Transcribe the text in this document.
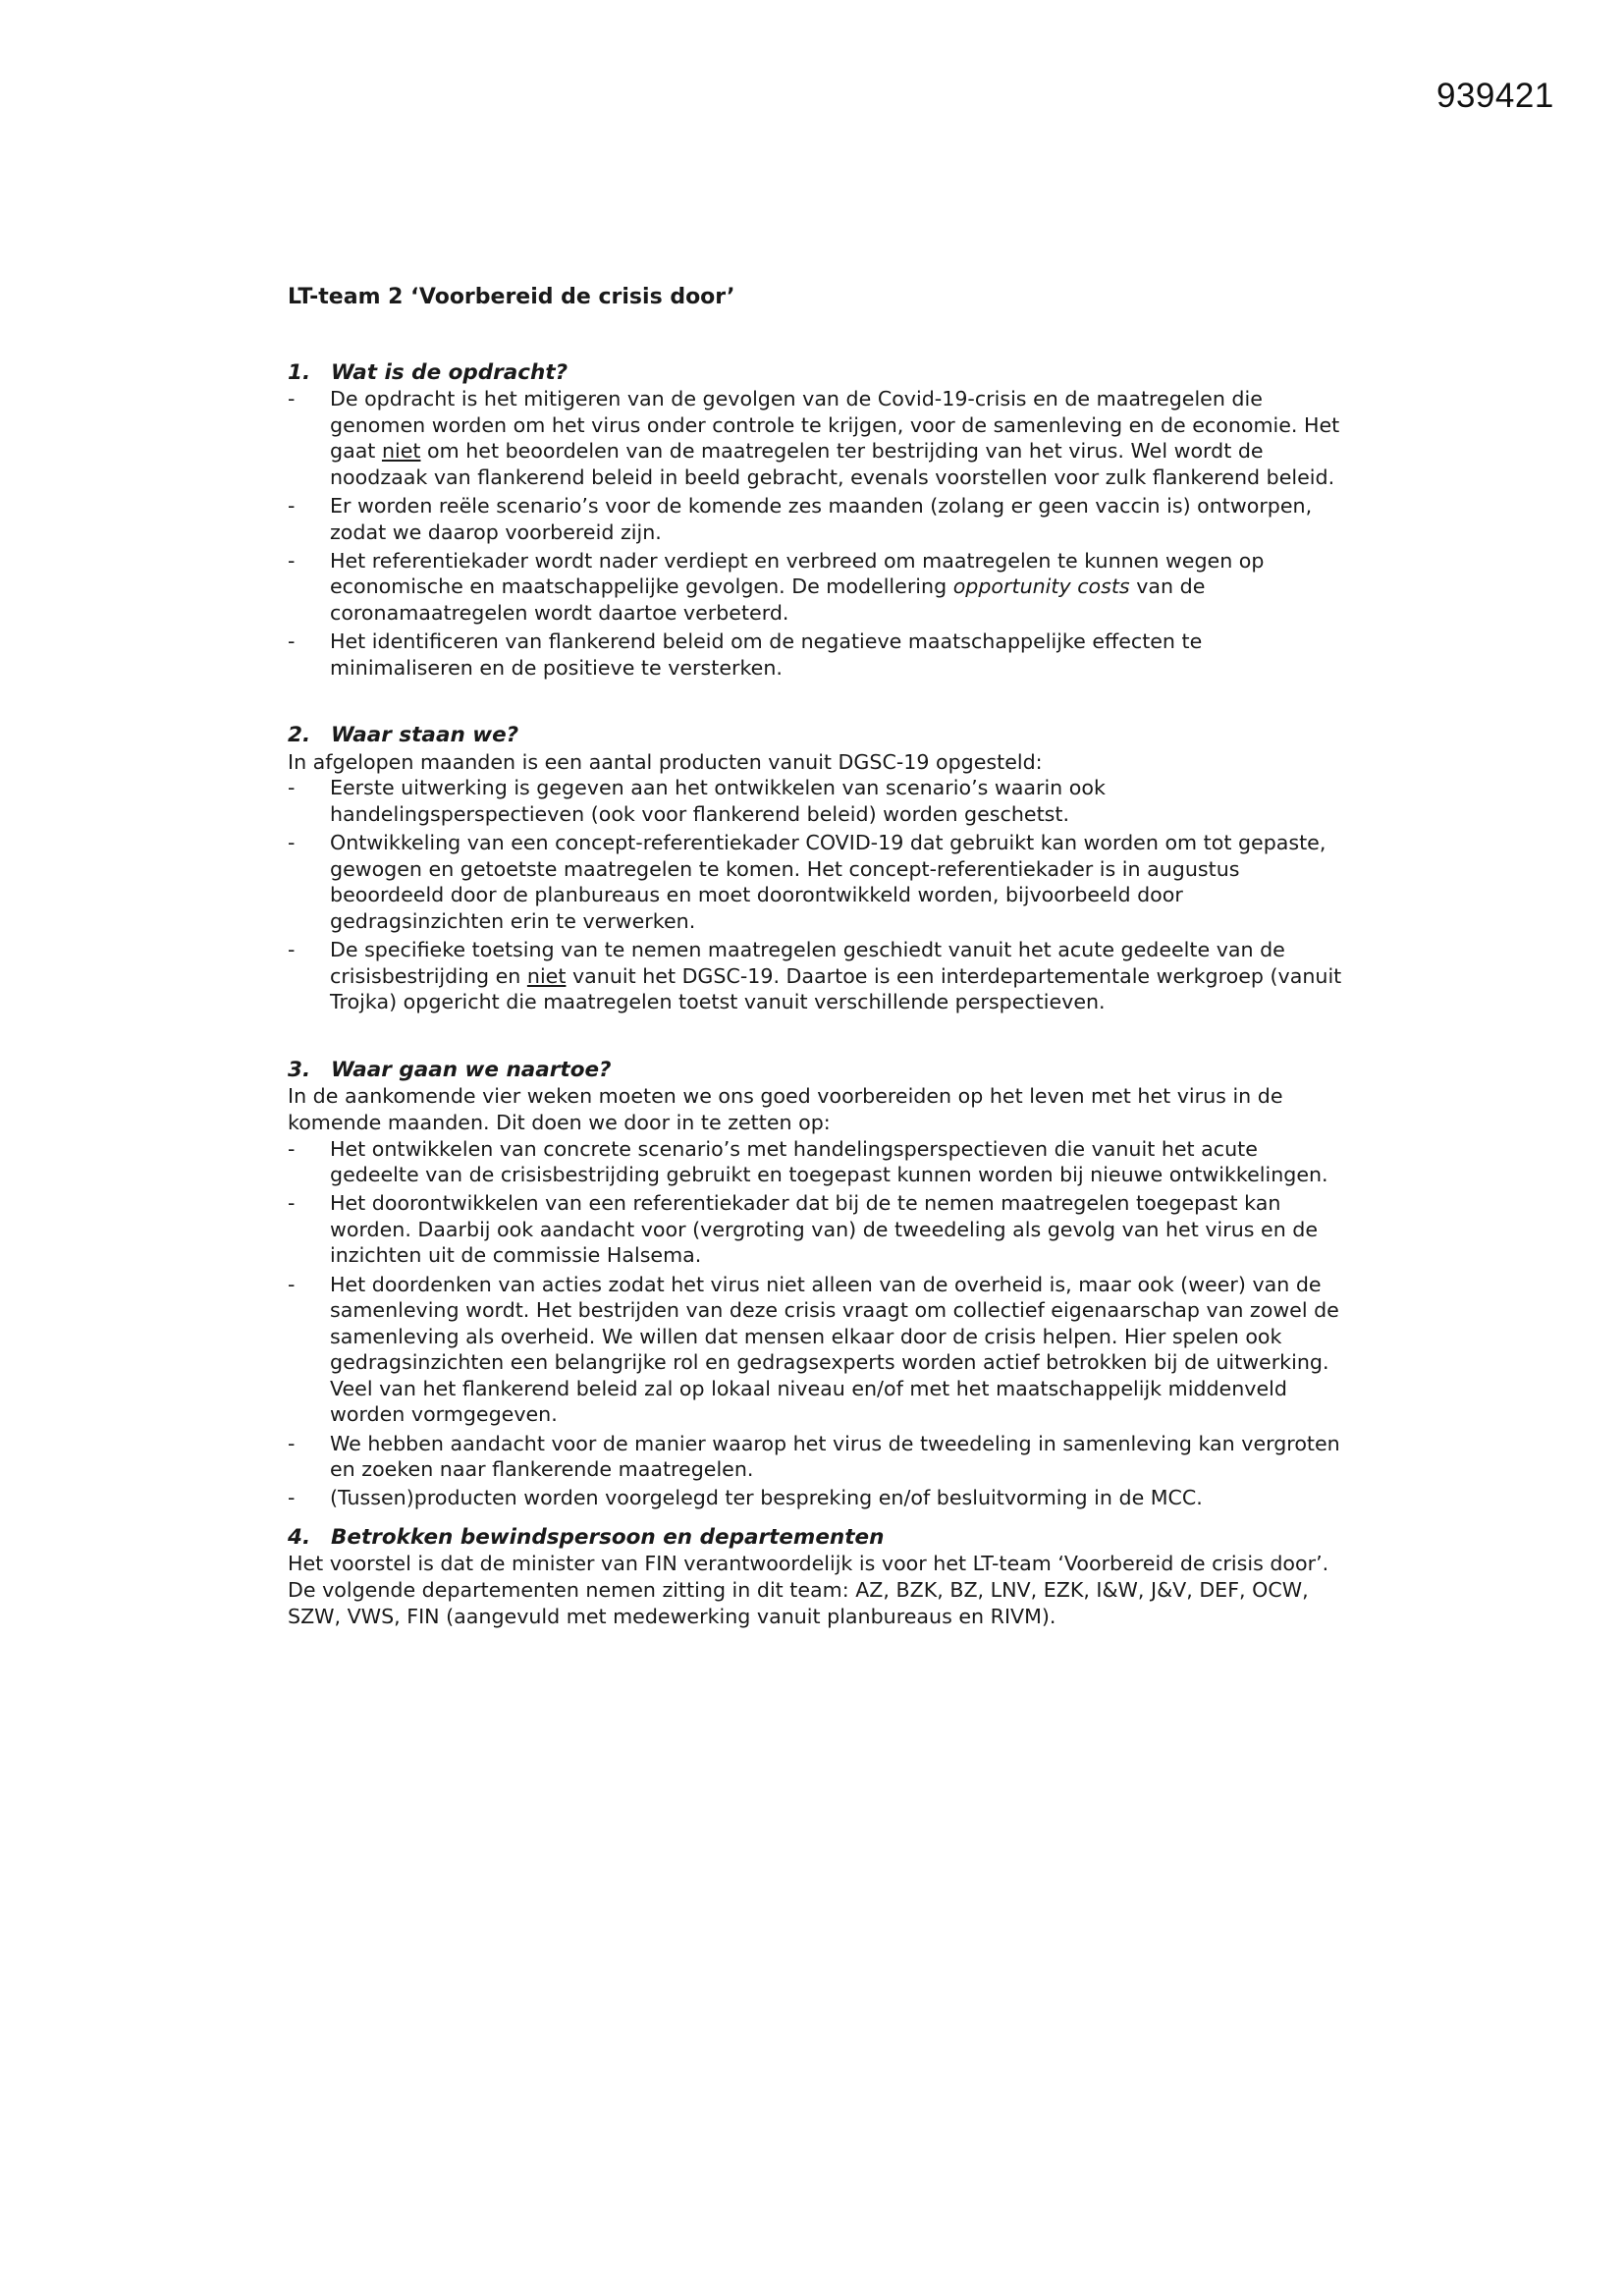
939421
LT-team 2 ‘Voorbereid de crisis door’
1. Wat is de opdracht?
- De opdracht is het mitigeren van de gevolgen van de Covid-19-crisis en de maatregelen die genomen worden om het virus onder controle te krijgen, voor de samenleving en de economie. Het gaat niet om het beoordelen van de maatregelen ter bestrijding van het virus. Wel wordt de noodzaak van flankerend beleid in beeld gebracht, evenals voorstellen voor zulk flankerend beleid.
- Er worden reële scenario’s voor de komende zes maanden (zolang er geen vaccin is) ontworpen, zodat we daarop voorbereid zijn.
- Het referentiekader wordt nader verdiept en verbreed om maatregelen te kunnen wegen op economische en maatschappelijke gevolgen. De modellering opportunity costs van de coronamaatregelen wordt daartoe verbeterd.
- Het identificeren van flankerend beleid om de negatieve maatschappelijke effecten te minimaliseren en de positieve te versterken.
2. Waar staan we?

In afgelopen maanden is een aantal producten vanuit DGSC-19 opgesteld:

- Eerste uitwerking is gegeven aan het ontwikkelen van scenario’s waarin ook handelingsperspectieven (ook voor flankerend beleid) worden geschetst.
- Ontwikkeling van een concept-referentiekader COVID-19 dat gebruikt kan worden om tot gepaste, gewogen en getoetste maatregelen te komen. Het concept-referentiekader is in augustus beoordeeld door de planbureaus en moet doorontwikkeld worden, bijvoorbeeld door gedragsinzichten erin te verwerken.
- De specifieke toetsing van te nemen maatregelen geschiedt vanuit het acute gedeelte van de crisisbestrijding en niet vanuit het DGSC-19. Daartoe is een interdepartementale werkgroep (vanuit Trojka) opgericht die maatregelen toetst vanuit verschillende perspectieven.
3. Waar gaan we naartoe?

In de aankomende vier weken moeten we ons goed voorbereiden op het leven met het virus in de komende maanden. Dit doen we door in te zetten op:

- Het ontwikkelen van concrete scenario’s met handelingsperspectieven die vanuit het acute gedeelte van de crisisbestrijding gebruikt en toegepast kunnen worden bij nieuwe ontwikkelingen.
- Het doorontwikkelen van een referentiekader dat bij de te nemen maatregelen toegepast kan worden. Daarbij ook aandacht voor (vergroting van) de tweedeling als gevolg van het virus en de inzichten uit de commissie Halsema.
- Het doordenken van acties zodat het virus niet alleen van de overheid is, maar ook (weer) van de samenleving wordt. Het bestrijden van deze crisis vraagt om collectief eigenaarschap van zowel de samenleving als overheid. We willen dat mensen elkaar door de crisis helpen. Hier spelen ook gedragsinzichten een belangrijke rol en gedragsexperts worden actief betrokken bij de uitwerking. Veel van het flankerend beleid zal op lokaal niveau en/of met het maatschappelijk middenveld worden vormgegeven.
- We hebben aandacht voor de manier waarop het virus de tweedeling in samenleving kan vergroten en zoeken naar flankerende maatregelen.
- (Tussen)producten worden voorgelegd ter bespreking en/of besluitvorming in de MCC.
4. Betrokken bewindspersoon en departementen

Het voorstel is dat de minister van FIN verantwoordelijk is voor het LT-team ‘Voorbereid de crisis door’. De volgende departementen nemen zitting in dit team: AZ, BZK, BZ, LNV, EZK, I&W, J&V, DEF, OCW, SZW, VWS, FIN (aangevuld met medewerking vanuit planbureaus en RIVM).
